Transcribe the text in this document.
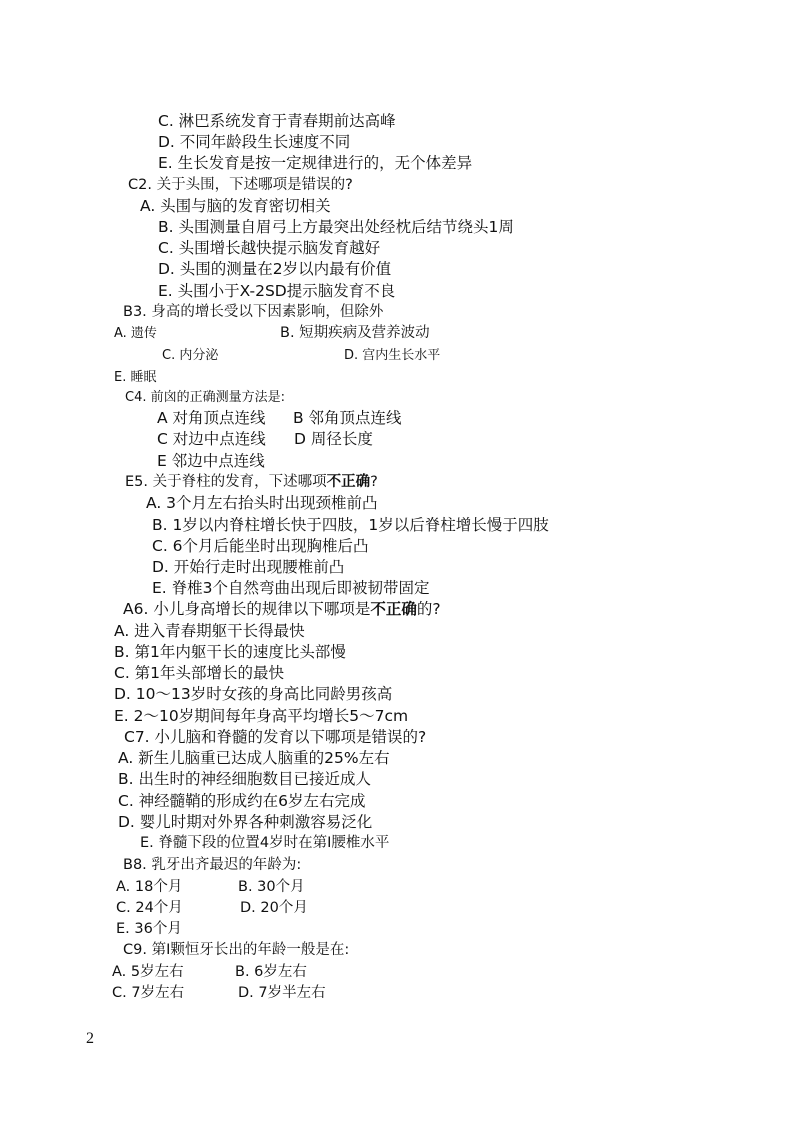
C. 淋巴系统发育于青春期前达高峰
D. 不同年龄段生长速度不同
E. 生长发育是按一定规律进行的，无个体差异
C2. 关于头围，下述哪项是错误的?
A. 头围与脑的发育密切相关
B. 头围测量自眉弓上方最突出处经枕后结节绕头1周
C. 头围增长越快提示脑发育越好
D. 头围的测量在2岁以内最有价值
E. 头围小于X-2SD提示脑发育不良
B3. 身高的增长受以下因素影响，但除外
A. 遗传	B. 短期疾病及营养波动
C. 内分泌	D. 宫内生长水平
E. 睡眠
C4. 前囟的正确测量方法是:
A 对角顶点连线 B 邻角顶点连线
C 对边中点连线 D 周径长度
E 邻边中点连线
E5. 关于脊柱的发育，下述哪项不正确?
A. 3个月左右抬头时出现颈椎前凸
B. 1岁以内脊柱增长快于四肢，1岁以后脊柱增长慢于四肢
C. 6个月后能坐时出现胸椎后凸
D. 开始行走时出现腰椎前凸
E. 脊椎3个自然弯曲出现后即被韧带固定
A6. 小儿身高增长的规律以下哪项是不正确的?
A. 进入青春期躯干长得最快
B. 第1年内躯干长的速度比头部慢
C. 第1年头部增长的最快
D. 10～13岁时女孩的身高比同龄男孩高
E. 2～10岁期间每年身高平均增长5～7cm
C7. 小儿脑和脊髓的发育以下哪项是错误的?
A. 新生儿脑重已达成人脑重的25%左右
B. 出生时的神经细胞数目已接近成人
C. 神经髓鞘的形成约在6岁左右完成
D. 婴儿时期对外界各种刺激容易泛化
E. 脊髓下段的位置4岁时在第I腰椎水平
B8. 乳牙出齐最迟的年龄为:
A. 18个月	B. 30个月
C. 24个月	D. 20个月
E. 36个月
C9. 第I颗恒牙长出的年龄一般是在:
A. 5岁左右	B. 6岁左右
C. 7岁左右	D. 7岁半左右
2
